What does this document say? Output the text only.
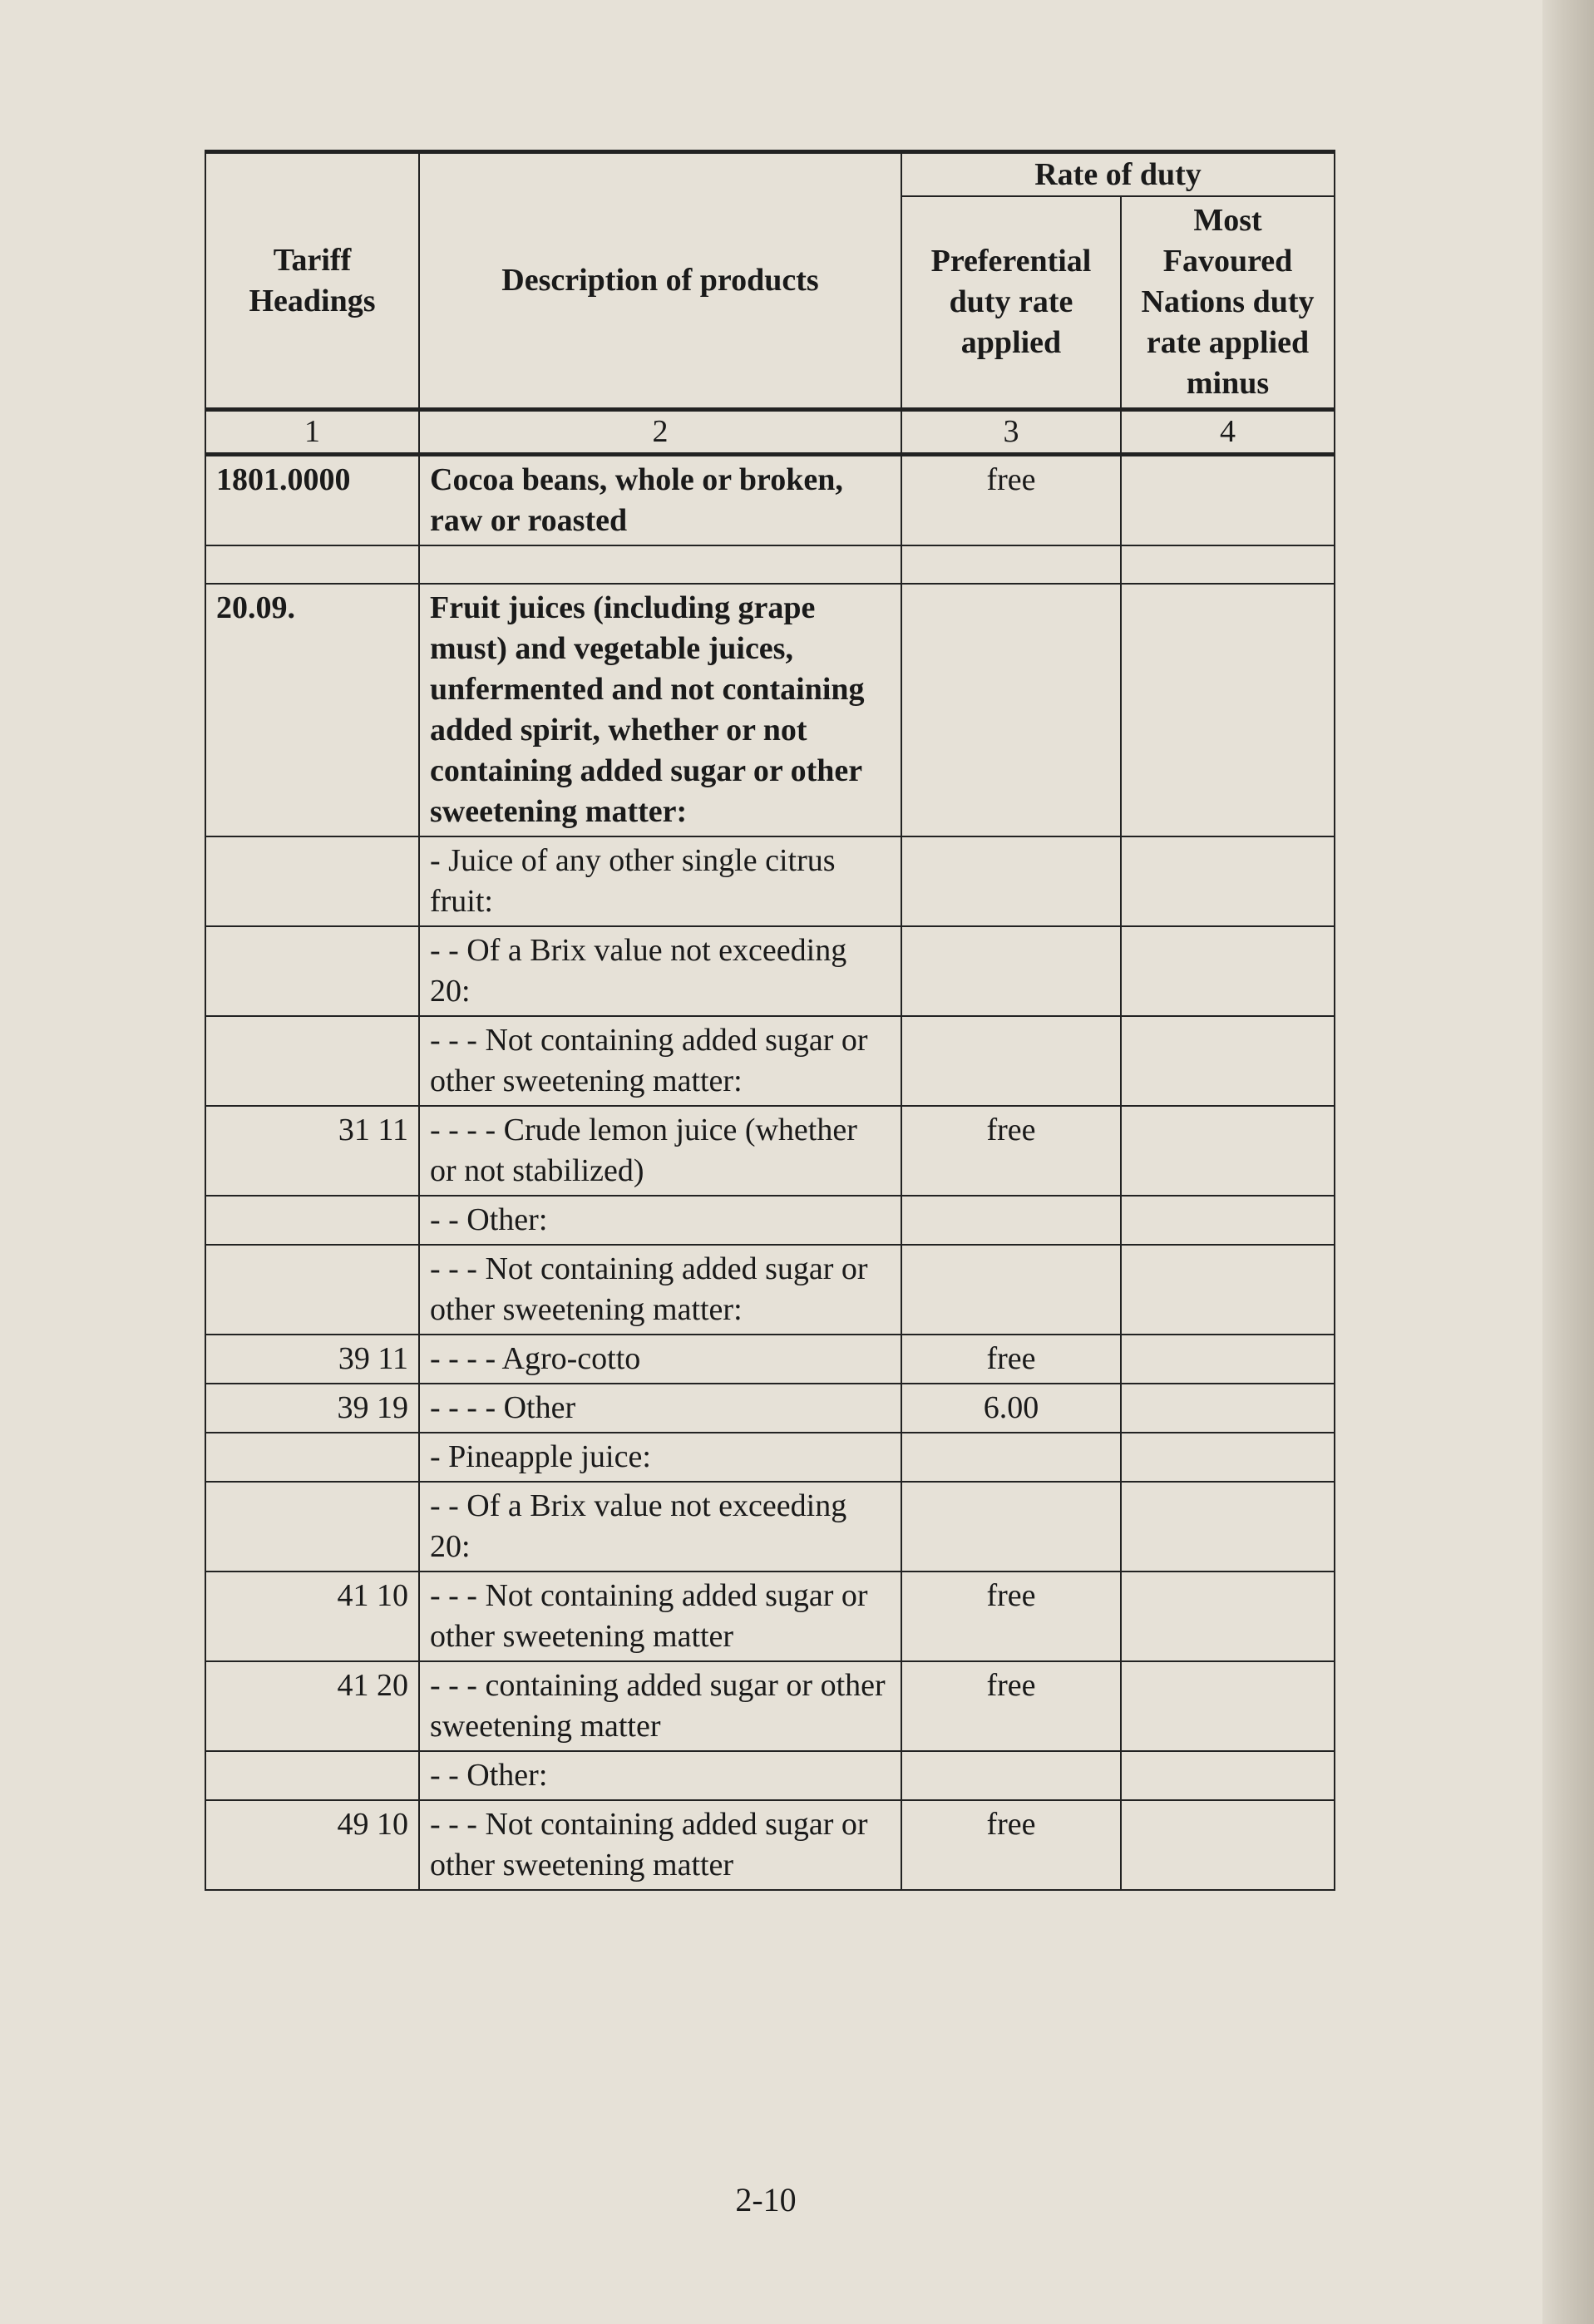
Tariff Headings	Description of products	Rate of duty	
		Preferential duty rate applied	Most Favoured Nations duty rate applied minus
1	2	3	4
1801.0000	Cocoa beans, whole or broken, raw or roasted	free	

20.09.	Fruit juices (including grape must) and vegetable juices, unfermented and not containing added spirit, whether or not containing added sugar or other sweetening matter:		
	- Juice of any other single citrus fruit:		
	- - Of a Brix value not exceeding 20:		
	- - - Not containing added sugar or other sweetening matter:		
31 11	- - - - Crude lemon juice (whether or not stabilized)	free	
	- - Other:		
	- - - Not containing added sugar or other sweetening matter:		
39 11	- - - - Agro-cotto	free	
39 19	- - - - Other	6.00	
	- Pineapple juice:		
	- - Of a Brix value not exceeding 20:		
41 10	- - - Not containing added sugar or other sweetening matter	free	
41 20	- - - containing added sugar or other sweetening matter	free	
	- - Other:		
49 10	- - - Not containing added sugar or other sweetening matter	free	
2-10
